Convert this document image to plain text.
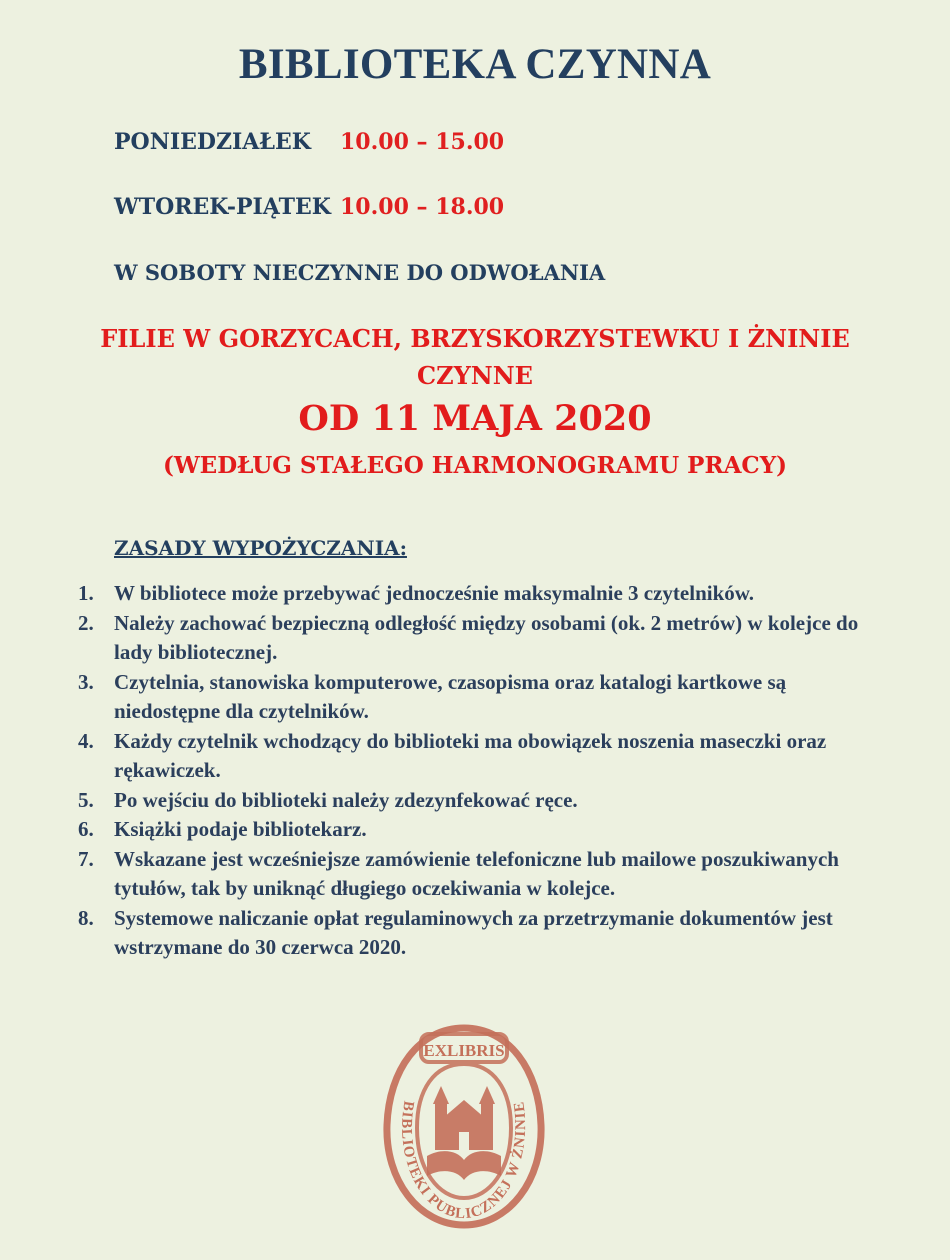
BIBLIOTEKA CZYNNA
PONIEDZIAŁEK 10.00 – 15.00
WTOREK-PIĄTEK 10.00 – 18.00
W SOBOTY NIECZYNNE DO ODWOŁANIA
FILIE W GORZYCACH, BRZYSKORZYSTEWKU I ŻNINIE
CZYNNE
OD 11 MAJA 2020
(WEDŁUG STAŁEGO HARMONOGRAMU PRACY)
ZASADY WYPOŻYCZANIA:
1. W bibliotece może przebywać jednocześnie maksymalnie 3 czytelników.
2. Należy zachować bezpieczną odległość między osobami (ok. 2 metrów) w kolejce do lady bibliotecznej.
3. Czytelnia, stanowiska komputerowe, czasopisma oraz katalogi kartkowe są niedostępne dla czytelników.
4. Każdy czytelnik wchodzący do biblioteki ma obowiązek noszenia maseczki oraz rękawiczek.
5. Po wejściu do biblioteki należy zdezynfekować ręce.
6. Książki podaje bibliotekarz.
7. Wskazane jest wcześniejsze zamówienie telefoniczne lub mailowe poszukiwanych tytułów, tak by uniknąć długiego oczekiwania w kolejce.
8. Systemowe naliczanie opłat regulaminowych za przetrzymanie dokumentów jest wstrzymane do 30 czerwca 2020.
EXLIBRIS
BIBLIOTEKI PUBLICZNEJ W ŻNINIE
